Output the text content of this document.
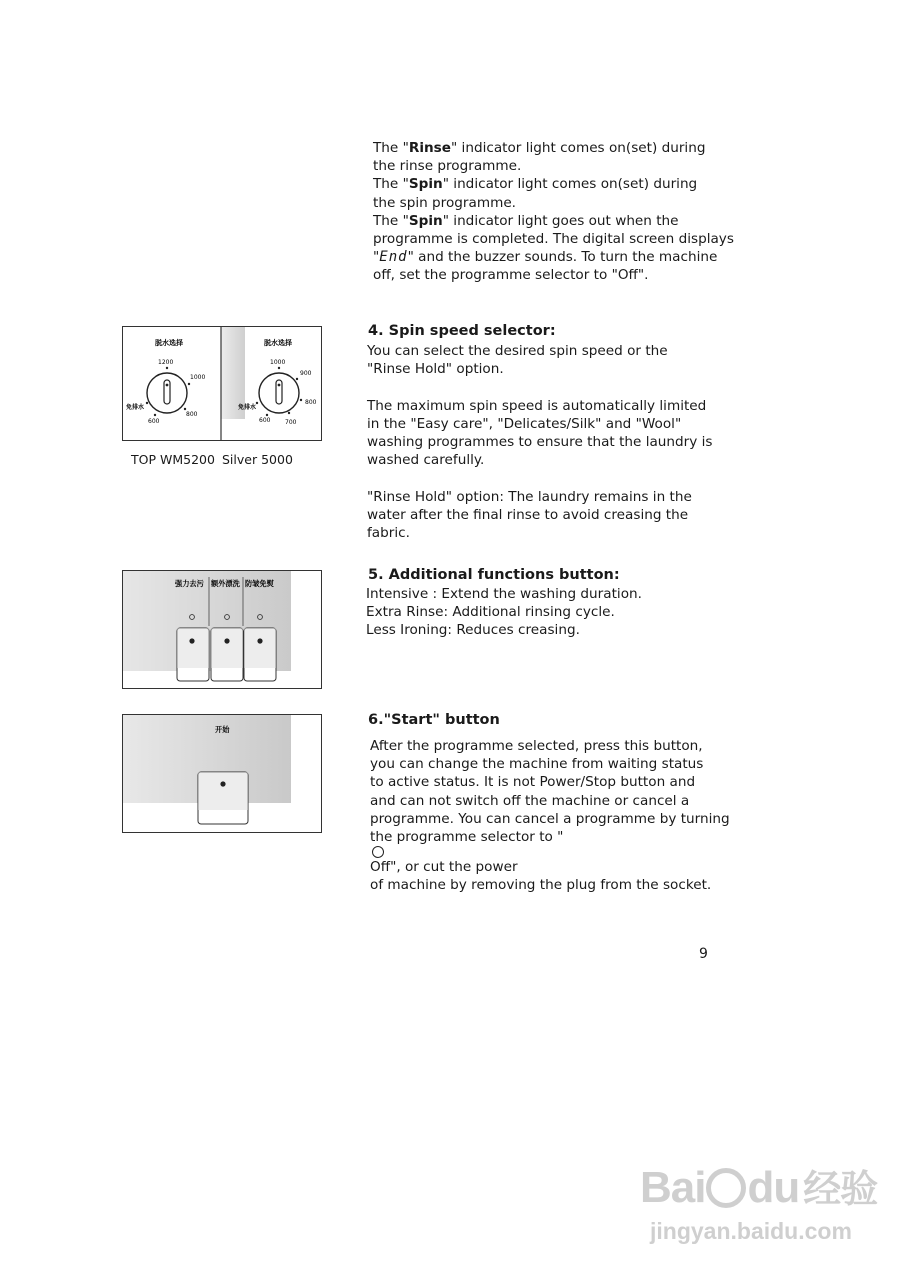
The "Rinse" indicator light comes on(set) during
the rinse programme.
The "Spin" indicator light comes on(set) during
the spin programme.
The "Spin" indicator light goes out when the
programme is completed. The digital screen displays
"End" and the buzzer sounds. To turn the machine
off, set the programme selector to "Off".
脱水选择
1200
1000
800
600
免排水
脱水选择
1000
900
800
700
600
免排水
TOP WM5200 Silver 5000
4. Spin speed selector:
You can select the desired spin speed or the
"Rinse Hold" option.

The maximum spin speed is automatically limited
in the "Easy care", "Delicates/Silk" and "Wool"
washing programmes to ensure that the laundry is
washed carefully.

"Rinse Hold" option: The laundry remains in the
water after the final rinse to avoid creasing the
fabric.
强力去污 额外漂洗 防皱免熨
5. Additional functions button:
Intensive : Extend the washing duration.
Extra Rinse: Additional rinsing cycle.
Less Ironing: Reduces creasing.
开始
6."Start" button
After the programme selected, press this button,
you can change the machine from waiting status
to active status. It is not Power/Stop button and
and can not switch off the machine or cancel a
programme. You can cancel a programme by turning
the programme selector to "
Off", or cut the power
of machine by removing the plug from the socket.
9
Bai du 经验
jingyan.baidu.com
